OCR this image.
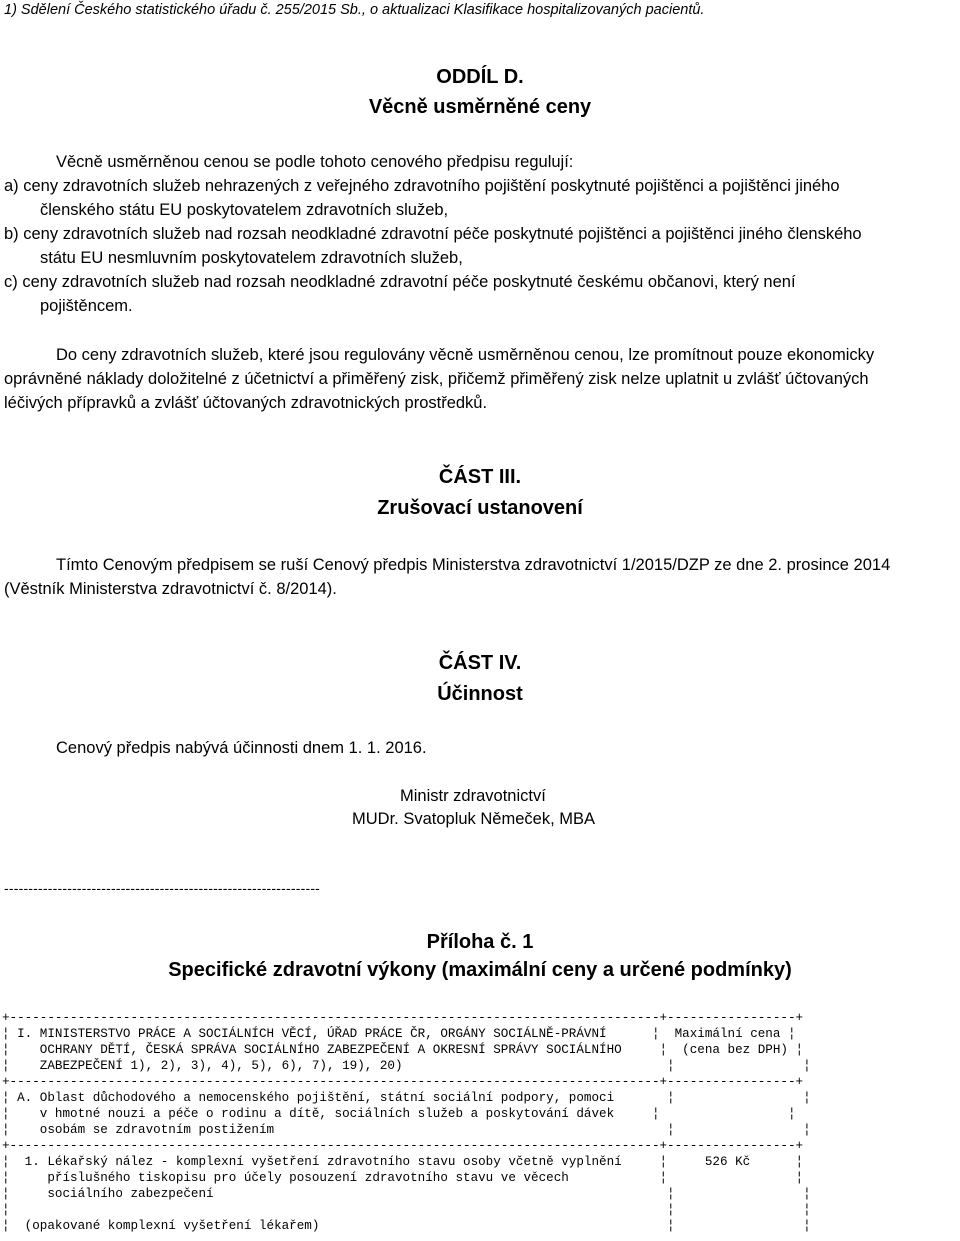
1) Sdělení Českého statistického úřadu č. 255/2015 Sb., o aktualizaci Klasifikace hospitalizovaných pacientů.
ODDÍL D.
Věcně usměrněné ceny
Věcně usměrněnou cenou se podle tohoto cenového předpisu regulují:
a) ceny zdravotních služeb nehrazených z veřejného zdravotního pojištění poskytnuté pojištěnci a pojištěnci jiného
členského státu EU poskytovatelem zdravotních služeb,
b) ceny zdravotních služeb nad rozsah neodkladné zdravotní péče poskytnuté pojištěnci a pojištěnci jiného členského
státu EU nesmluvním poskytovatelem zdravotních služeb,
c) ceny zdravotních služeb nad rozsah neodkladné zdravotní péče poskytnuté českému občanovi, který není
pojištěncem.
Do ceny zdravotních služeb, které jsou regulovány věcně usměrněnou cenou, lze promítnout pouze ekonomicky
oprávněné náklady doložitelné z účetnictví a přiměřený zisk, přičemž přiměřený zisk nelze uplatnit u zvlášť účtovaných
léčivých přípravků a zvlášť účtovaných zdravotnických prostředků.
ČÁST III.
Zrušovací ustanovení
Tímto Cenovým předpisem se ruší Cenový předpis Ministerstva zdravotnictví 1/2015/DZP ze dne 2. prosince 2014
(Věstník Ministerstva zdravotnictví č. 8/2014).
ČÁST IV.
Účinnost
Cenový předpis nabývá účinnosti dnem 1. 1. 2016.
Ministr zdravotnictví
MUDr. Svatopluk Němeček, MBA
-----------------------------------------------------------------
Příloha č. 1
Specifické zdravotní výkony (maximální ceny a určené podmínky)
+--------------------------------------------------------------------------------------+-----------------+
¦ I. MINISTERSTVO PRÁCE A SOCIÁLNÍCH VĚCÍ, ÚŘAD PRÁCE ČR, ORGÁNY SOCIÁLNĚ-PRÁVNÍ      ¦  Maximální cena ¦
¦    OCHRANY DĚTÍ, ČESKÁ SPRÁVA SOCIÁLNÍHO ZABEZPEČENÍ A OKRESNÍ SPRÁVY SOCIÁLNÍHO     ¦  (cena bez DPH) ¦
¦    ZABEZPEČENÍ 1), 2), 3), 4), 5), 6), 7), 19), 20)                                   ¦                 ¦
+--------------------------------------------------------------------------------------+-----------------+
¦ A. Oblast důchodového a nemocenského pojištění, státní sociální podpory, pomoci       ¦                 ¦
¦    v hmotné nouzi a péče o rodinu a dítě, sociálních služeb a poskytování dávek     ¦                 ¦
¦    osobám se zdravotním postižením                                                    ¦                 ¦
+--------------------------------------------------------------------------------------+-----------------+
¦  1. Lékařský nález - komplexní vyšetření zdravotního stavu osoby včetně vyplnění     ¦     526 Kč      ¦
¦     příslušného tiskopisu pro účely posouzení zdravotního stavu ve věcech            ¦                 ¦
¦     sociálního zabezpečení                                                            ¦                 ¦
¦                                                                                       ¦                 ¦
¦  (opakované komplexní vyšetření lékařem)                                              ¦                 ¦
